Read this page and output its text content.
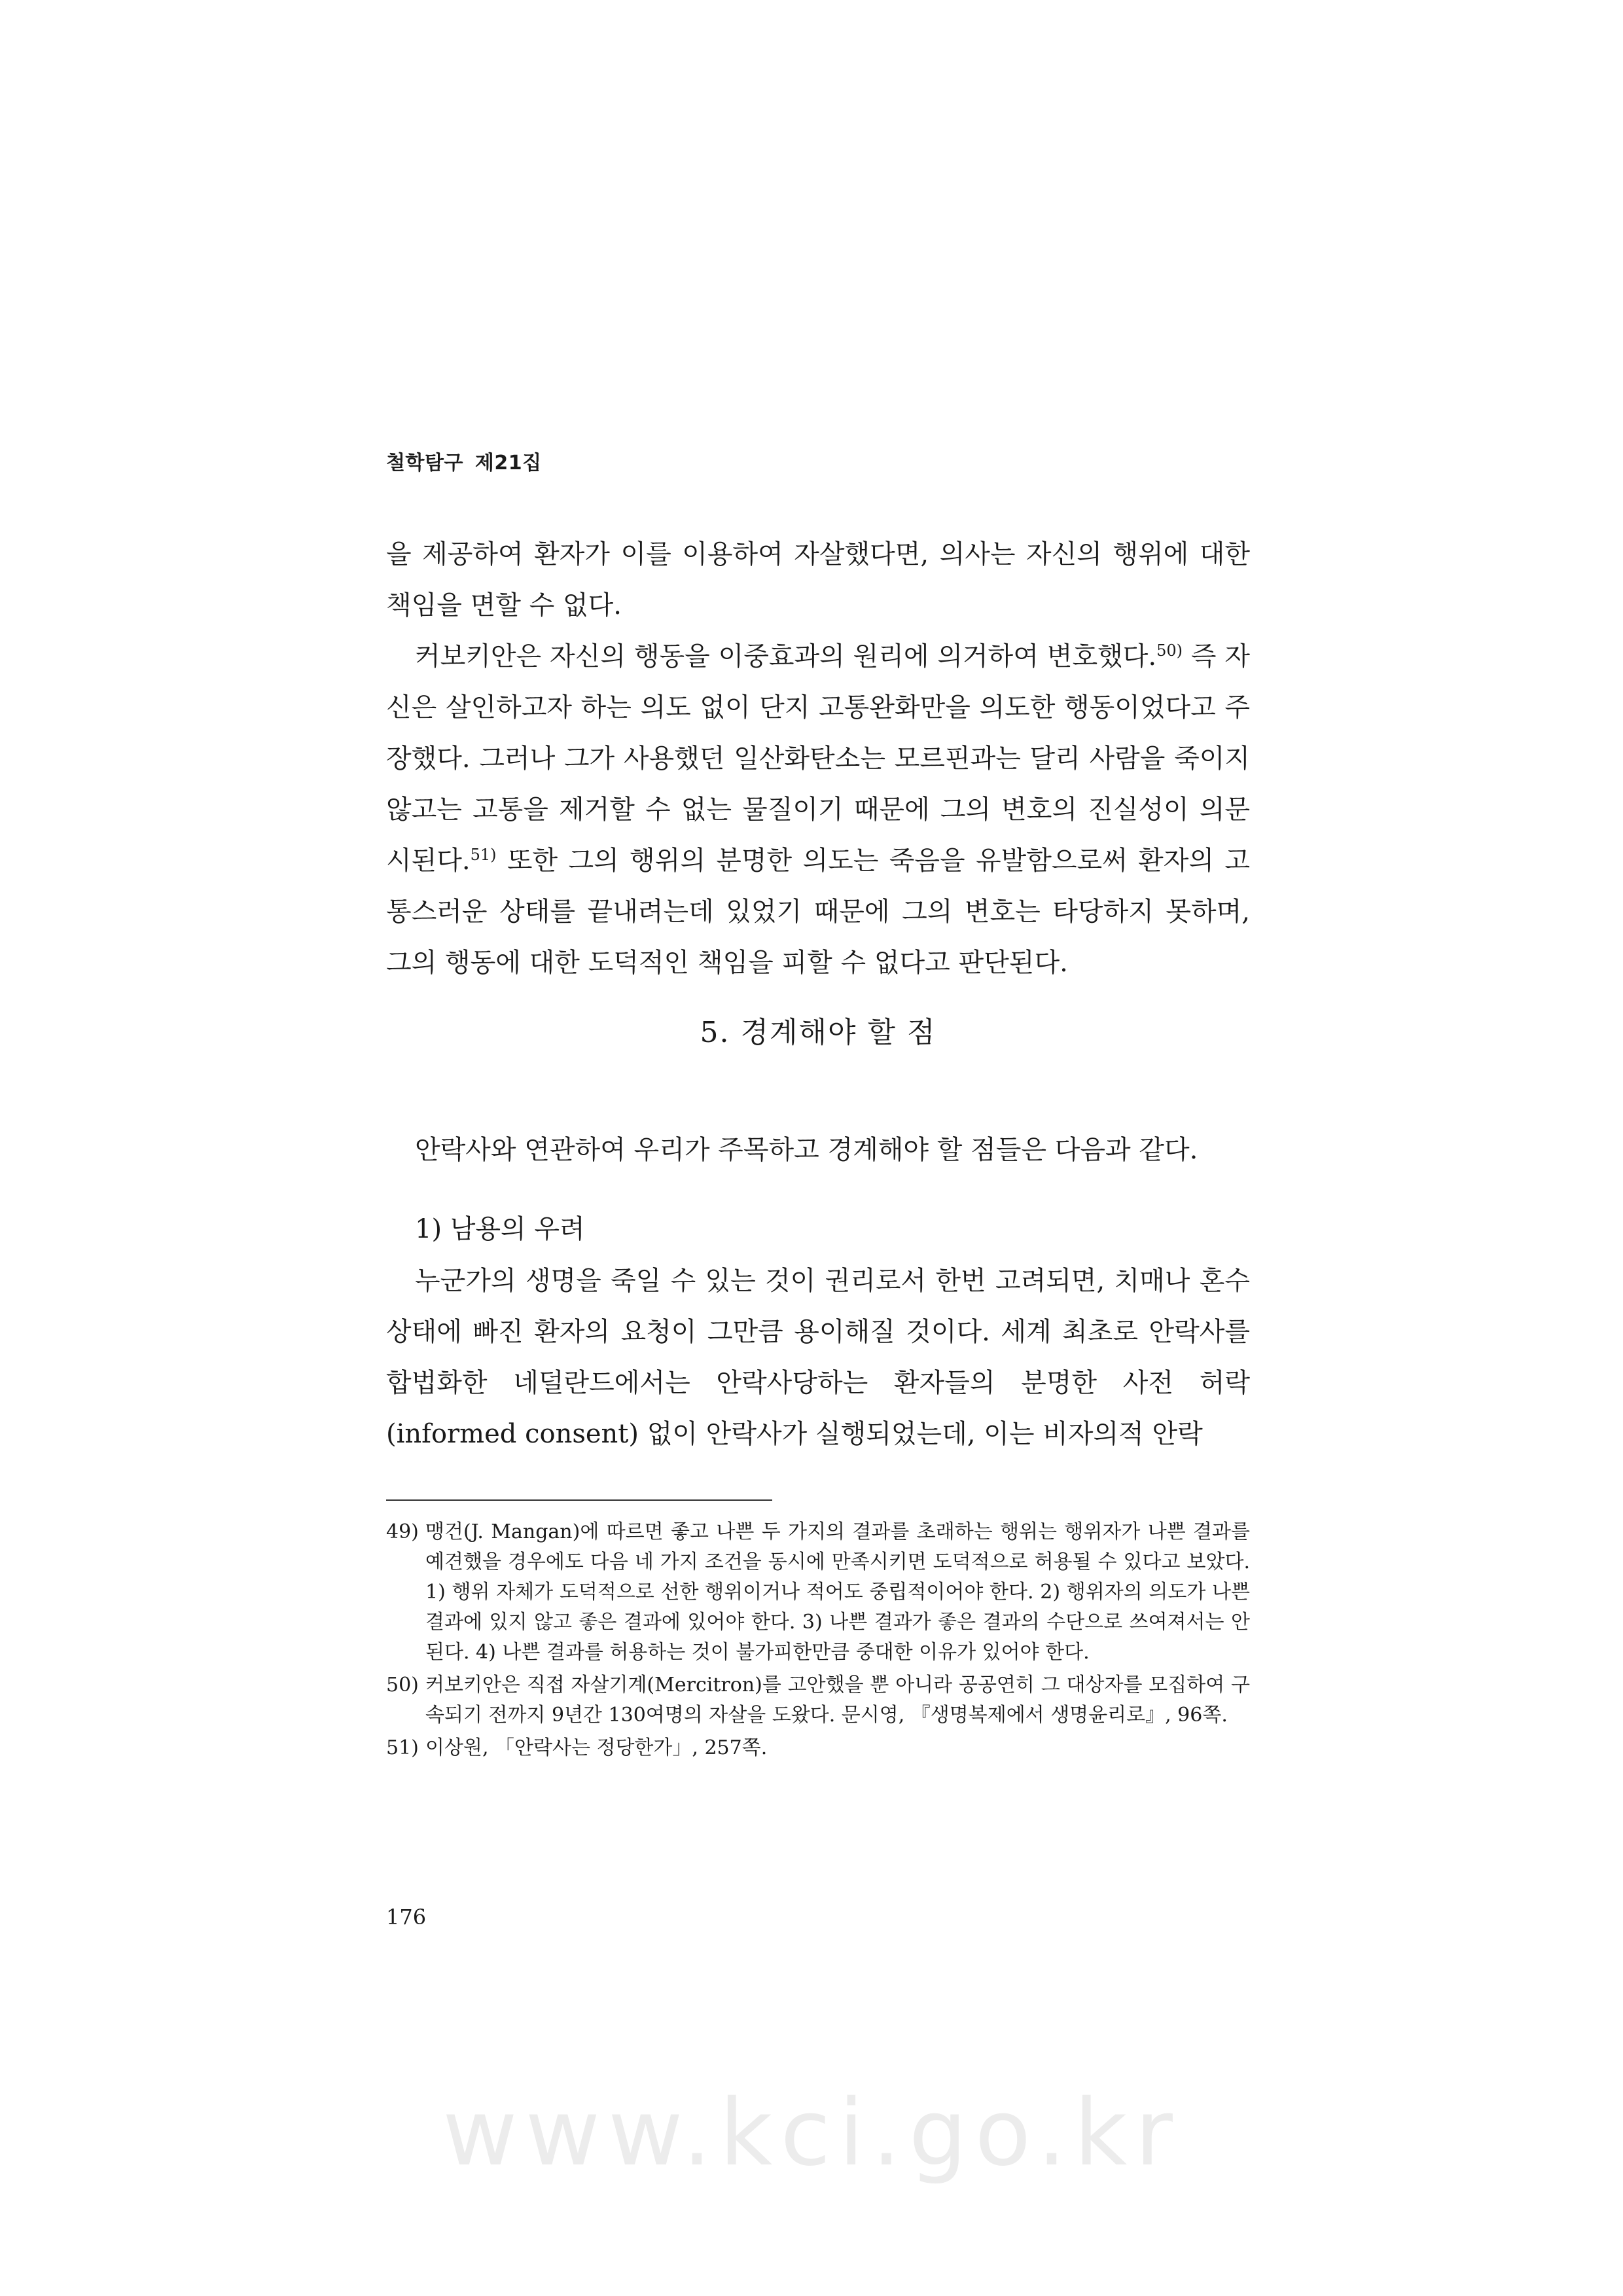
철학탐구 제21집

을 제공하여 환자가 이를 이용하여 자살했다면, 의사는 자신의 행위에 대한 책임을 면할 수 없다.

커보키안은 자신의 행동을 이중효과의 원리에 의거하여 변호했다.$^{50)}$ 즉 자신은 살인하고자 하는 의도 없이 단지 고통완화만을 의도한 행동이었다고 주장했다. 그러나 그가 사용했던 일산화탄소는 모르핀과는 달리 사람을 죽이지 않고는 고통을 제거할 수 없는 물질이기 때문에 그의 변호의 진실성이 의문시된다.$^{51)}$ 또한 그의 행위의 분명한 의도는 죽음을 유발함으로써 환자의 고통스러운 상태를 끝내려는데 있었기 때문에 그의 변호는 타당하지 못하며, 그의 행동에 대한 도덕적인 책임을 피할 수 없다고 판단된다.

5. 경계해야 할 점

안락사와 연관하여 우리가 주목하고 경계해야 할 점들은 다음과 같다.

1) 남용의 우려

누군가의 생명을 죽일 수 있는 것이 권리로서 한번 고려되면, 치매나 혼수상태에 빠진 환자의 요청이 그만큼 용이해질 것이다. 세계 최초로 안락사를 합법화한 네덜란드에서는 안락사당하는 환자들의 분명한 사전 허락(informed consent) 없이 안락사가 실행되었는데, 이는 비자의적 안락

49) 맹건(J. Mangan)에 따르면 좋고 나쁜 두 가지의 결과를 초래하는 행위는 행위자가 나쁜 결과를 예견했을 경우에도 다음 네 가지 조건을 동시에 만족시키면 도덕적으로 허용될 수 있다고 보았다. 1) 행위 자체가 도덕적으로 선한 행위이거나 적어도 중립적이어야 한다. 2) 행위자의 의도가 나쁜 결과에 있지 않고 좋은 결과에 있어야 한다. 3) 나쁜 결과가 좋은 결과의 수단으로 쓰여져서는 안 된다. 4) 나쁜 결과를 허용하는 것이 불가피한만큼 중대한 이유가 있어야 한다.
50) 커보키안은 직접 자살기계(Mercitron)를 고안했을 뿐 아니라 공공연히 그 대상자를 모집하여 구속되기 전까지 9년간 130여명의 자살을 도왔다. 문시영, 『생명복제에서 생명윤리로』, 96쪽.
51) 이상원, 「안락사는 정당한가」, 257쪽.
176
www.kci.go.kr
